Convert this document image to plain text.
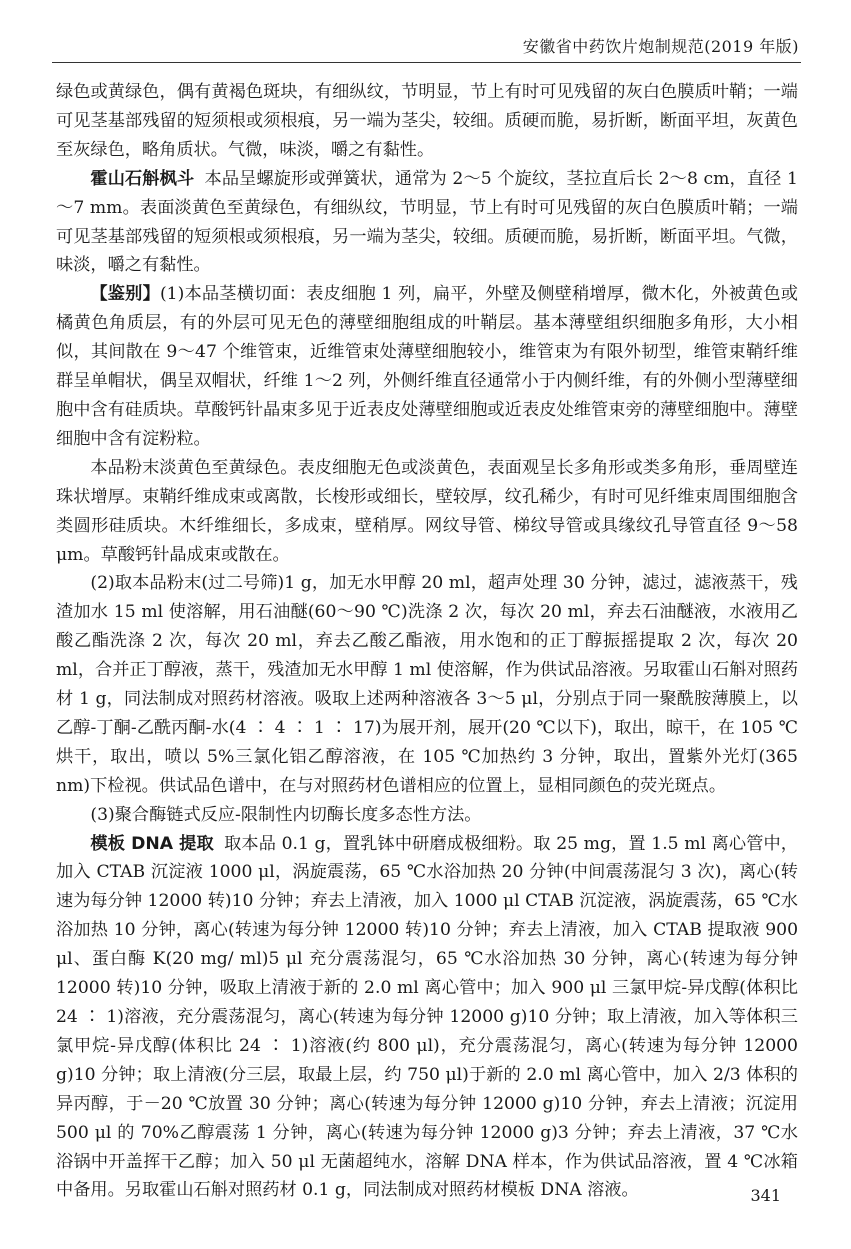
安徽省中药饮片炮制规范(2019 年版)

绿色或黄绿色，偶有黄褐色斑块，有细纵纹，节明显，节上有时可见残留的灰白色膜质叶鞘；一端可见茎基部残留的短须根或须根痕，另一端为茎尖，较细。质硬而脆，易折断，断面平坦，灰黄色至灰绿色，略角质状。气微，味淡，嚼之有黏性。

霍山石斛枫斗 本品呈螺旋形或弹簧状，通常为 2～5 个旋纹，茎拉直后长 2～8 cm，直径 1～7 mm。表面淡黄色至黄绿色，有细纵纹，节明显，节上有时可见残留的灰白色膜质叶鞘；一端可见茎基部残留的短须根或须根痕，另一端为茎尖，较细。质硬而脆，易折断，断面平坦。气微，味淡，嚼之有黏性。

【鉴别】(1)本品茎横切面：表皮细胞 1 列，扁平，外壁及侧壁稍增厚，微木化，外被黄色或橘黄色角质层，有的外层可见无色的薄壁细胞组成的叶鞘层。基本薄壁组织细胞多角形，大小相似，其间散在 9～47 个维管束，近维管束处薄壁细胞较小，维管束为有限外韧型，维管束鞘纤维群呈单帽状，偶呈双帽状，纤维 1～2 列，外侧纤维直径通常小于内侧纤维，有的外侧小型薄壁细胞中含有硅质块。草酸钙针晶束多见于近表皮处薄壁细胞或近表皮处维管束旁的薄壁细胞中。薄壁细胞中含有淀粉粒。

本品粉末淡黄色至黄绿色。表皮细胞无色或淡黄色，表面观呈长多角形或类多角形，垂周壁连珠状增厚。束鞘纤维成束或离散，长梭形或细长，壁较厚，纹孔稀少，有时可见纤维束周围细胞含类圆形硅质块。木纤维细长，多成束，壁稍厚。网纹导管、梯纹导管或具缘纹孔导管直径 9～58 μm。草酸钙针晶成束或散在。

(2)取本品粉末(过二号筛)1 g，加无水甲醇 20 ml，超声处理 30 分钟，滤过，滤液蒸干，残渣加水 15 ml 使溶解，用石油醚(60～90 ℃)洗涤 2 次，每次 20 ml，弃去石油醚液，水液用乙酸乙酯洗涤 2 次，每次 20 ml，弃去乙酸乙酯液，用水饱和的正丁醇振摇提取 2 次，每次 20 ml，合并正丁醇液，蒸干，残渣加无水甲醇 1 ml 使溶解，作为供试品溶液。另取霍山石斛对照药材 1 g，同法制成对照药材溶液。吸取上述两种溶液各 3～5 μl，分别点于同一聚酰胺薄膜上，以乙醇-丁酮-乙酰丙酮-水(4 ∶ 4 ∶ 1 ∶ 17)为展开剂，展开(20 ℃以下)，取出，晾干，在 105 ℃烘干，取出，喷以 5%三氯化铝乙醇溶液，在 105 ℃加热约 3 分钟，取出，置紫外光灯(365 nm)下检视。供试品色谱中，在与对照药材色谱相应的位置上，显相同颜色的荧光斑点。

(3)聚合酶链式反应-限制性内切酶长度多态性方法。

模板 DNA 提取 取本品 0.1 g，置乳钵中研磨成极细粉。取 25 mg，置 1.5 ml 离心管中，加入 CTAB 沉淀液 1000 μl，涡旋震荡，65 ℃水浴加热 20 分钟(中间震荡混匀 3 次)，离心(转速为每分钟 12000 转)10 分钟；弃去上清液，加入 1000 μl CTAB 沉淀液，涡旋震荡，65 ℃水浴加热 10 分钟，离心(转速为每分钟 12000 转)10 分钟；弃去上清液，加入 CTAB 提取液 900 μl、蛋白酶 K(20 mg/ ml)5 μl 充分震荡混匀，65 ℃水浴加热 30 分钟，离心(转速为每分钟 12000 转)10 分钟，吸取上清液于新的 2.0 ml 离心管中；加入 900 μl 三氯甲烷-异戊醇(体积比 24 ∶ 1)溶液，充分震荡混匀，离心(转速为每分钟 12000 g)10 分钟；取上清液，加入等体积三氯甲烷-异戊醇(体积比 24 ∶ 1)溶液(约 800 μl)，充分震荡混匀，离心(转速为每分钟 12000 g)10 分钟；取上清液(分三层，取最上层，约 750 μl)于新的 2.0 ml 离心管中，加入 2/3 体积的异丙醇，于－20 ℃放置 30 分钟；离心(转速为每分钟 12000 g)10 分钟，弃去上清液；沉淀用 500 μl 的 70%乙醇震荡 1 分钟，离心(转速为每分钟 12000 g)3 分钟；弃去上清液，37 ℃水浴锅中开盖挥干乙醇；加入 50 μl 无菌超纯水，溶解 DNA 样本，作为供试品溶液，置 4 ℃冰箱中备用。另取霍山石斛对照药材 0.1 g，同法制成对照药材模板 DNA 溶液。	341
